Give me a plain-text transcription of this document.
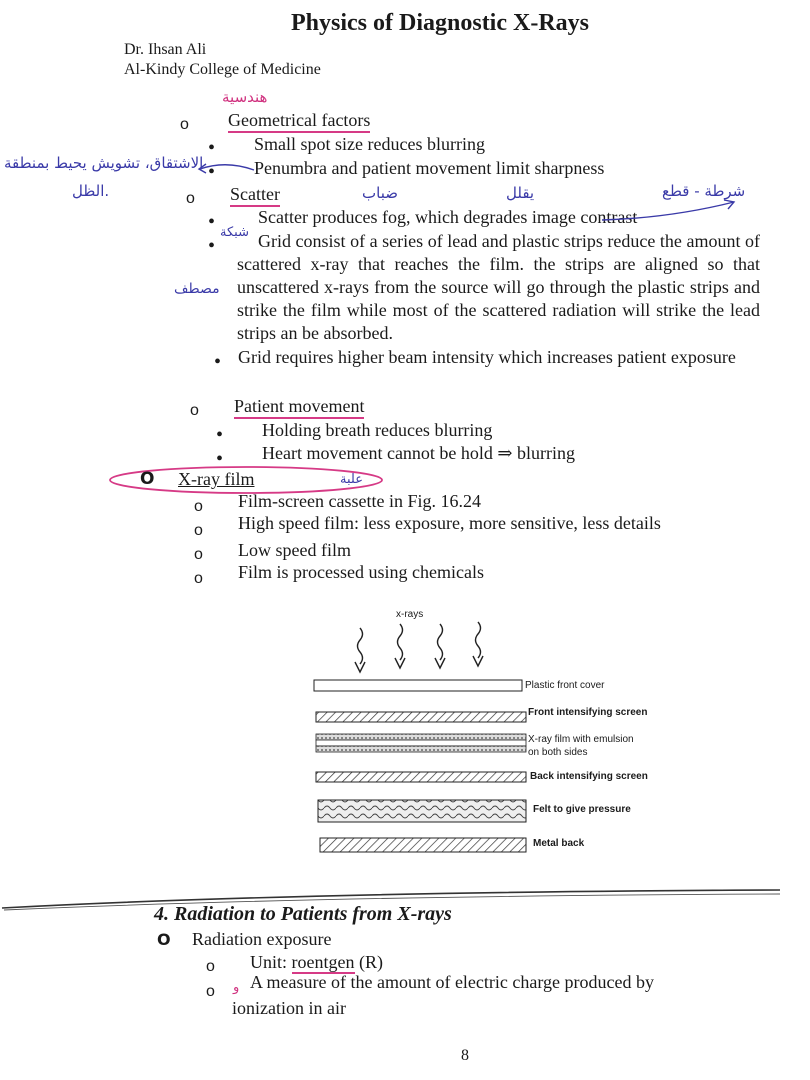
Physics of Diagnostic X-Rays
Dr. Ihsan Ali
Al-Kindy College of Medicine
هندسية
o Geometrical factors
• Small spot size reduces blurring
• Penumbra and patient movement limit sharpness
الاشتقاق، تشويش يحيط بمنطقة
الظل.	o Scatter	ضباب	يقلل	شرطة - قطع
• Scatter produces fog, which degrades image contrast
شبكة
•	Grid consist of a series of lead and plastic strips reduce the amount of scattered x-ray that reaches the film. the strips are aligned so that unscattered x-rays from the source will go through the plastic strips and strike the film while most of the scattered radiation will strike the lead strips an be absorbed.
مصطف
• Grid requires higher beam intensity which increases patient exposure
o Patient movement
• Holding breath reduces blurring
• Heart movement cannot be hold ⇒ blurring
O X-ray film	علبة
o Film-screen cassette in Fig. 16.24
o High speed film: less exposure, more sensitive, less details
o Low speed film
o Film is processed using chemicals
x-rays
Plastic front cover
Front intensifying screen
X-ray film with emulsion
on both sides
Back intensifying screen
Felt to give pressure
Metal back
4. Radiation to Patients from X-rays
O Radiation exposure
o Unit: roentgen (R)
o و A measure of the amount of electric charge produced by
ionization in air
8
